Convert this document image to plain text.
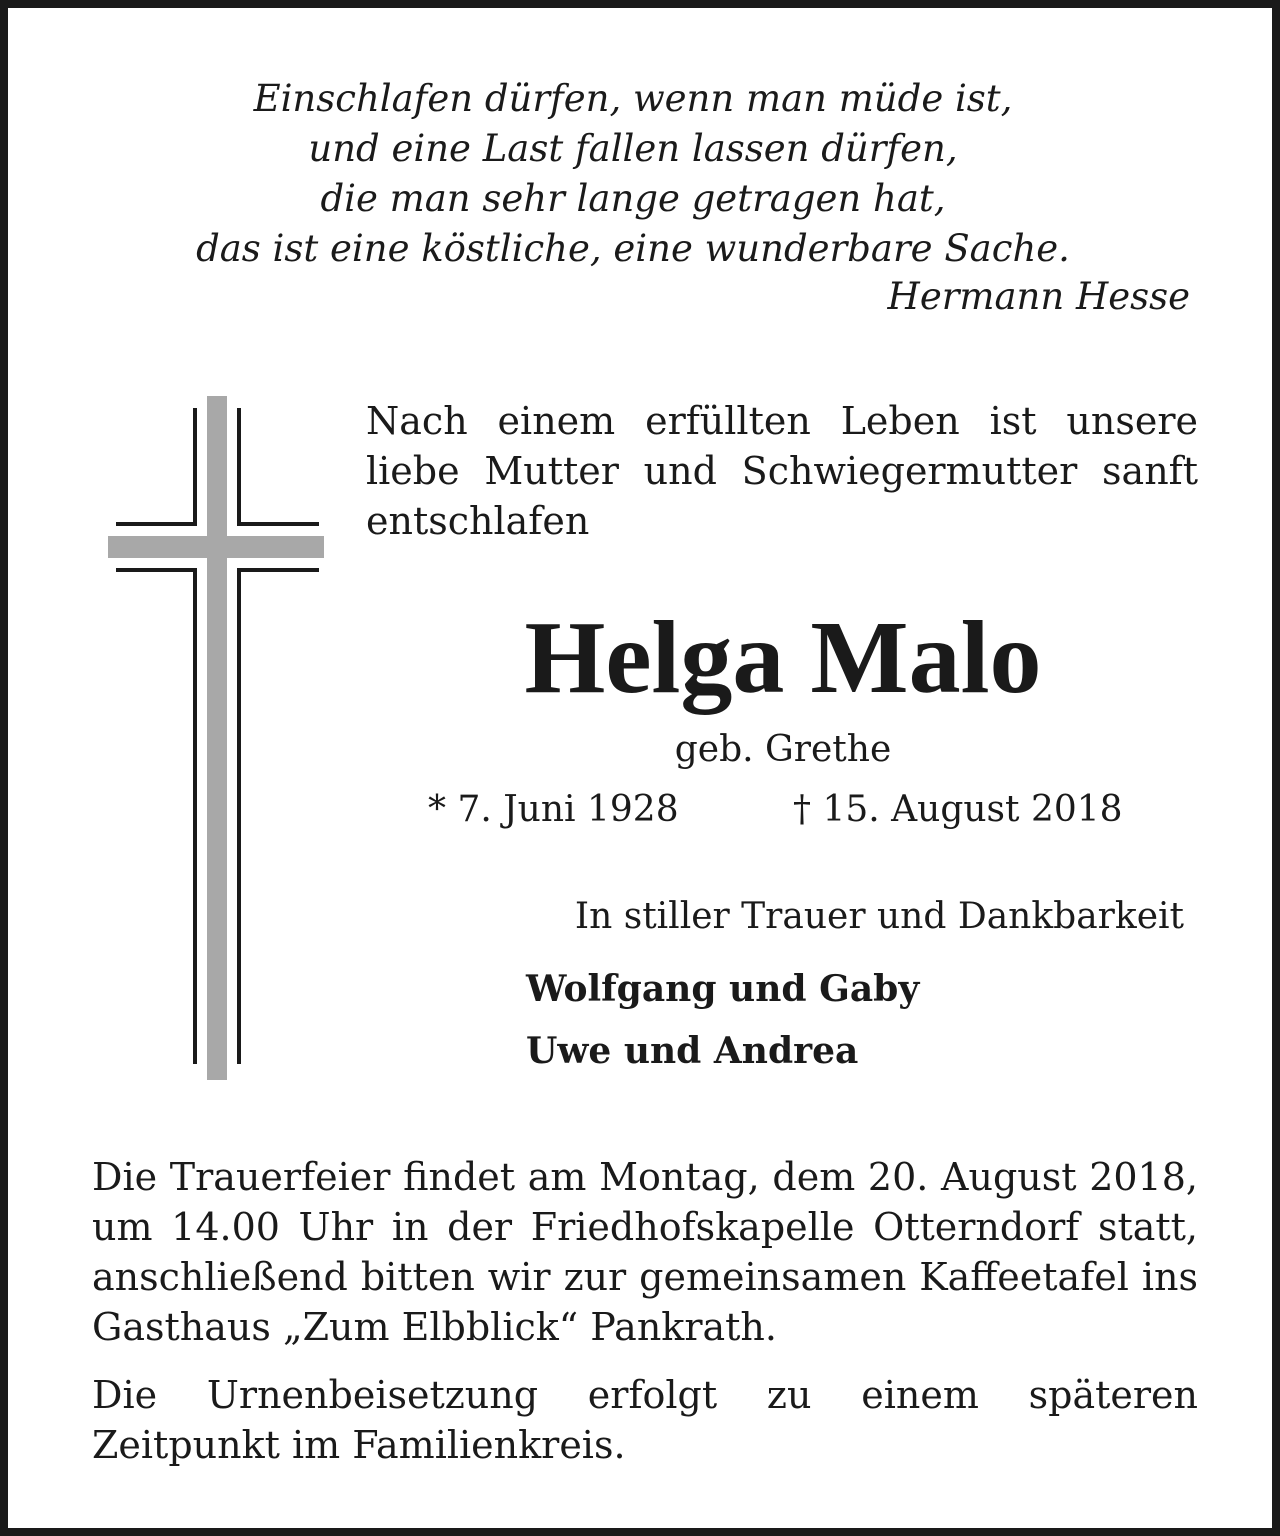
Einschlafen dürfen, wenn man müde ist,
und eine Last fallen lassen dürfen,
die man sehr lange getragen hat,
das ist eine köstliche, eine wunderbare Sache.
Hermann Hesse
Nach einem erfüllten Leben ist unsere liebe Mutter und Schwiegermutter sanft entschlafen
Helga Malo
geb. Grethe
* 7. Juni 1928	† 15. August 2018
In stiller Trauer und Dankbarkeit
Wolfgang und Gaby
Uwe und Andrea
Die Trauerfeier findet am Montag, dem 20. August 2018, um 14.00 Uhr in der Friedhofskapelle Otterndorf statt, anschließend bitten wir zur gemeinsamen Kaffeetafel ins Gasthaus „Zum Elbblick“ Pankrath.
Die Urnenbeisetzung erfolgt zu einem späteren Zeitpunkt im Familienkreis.
